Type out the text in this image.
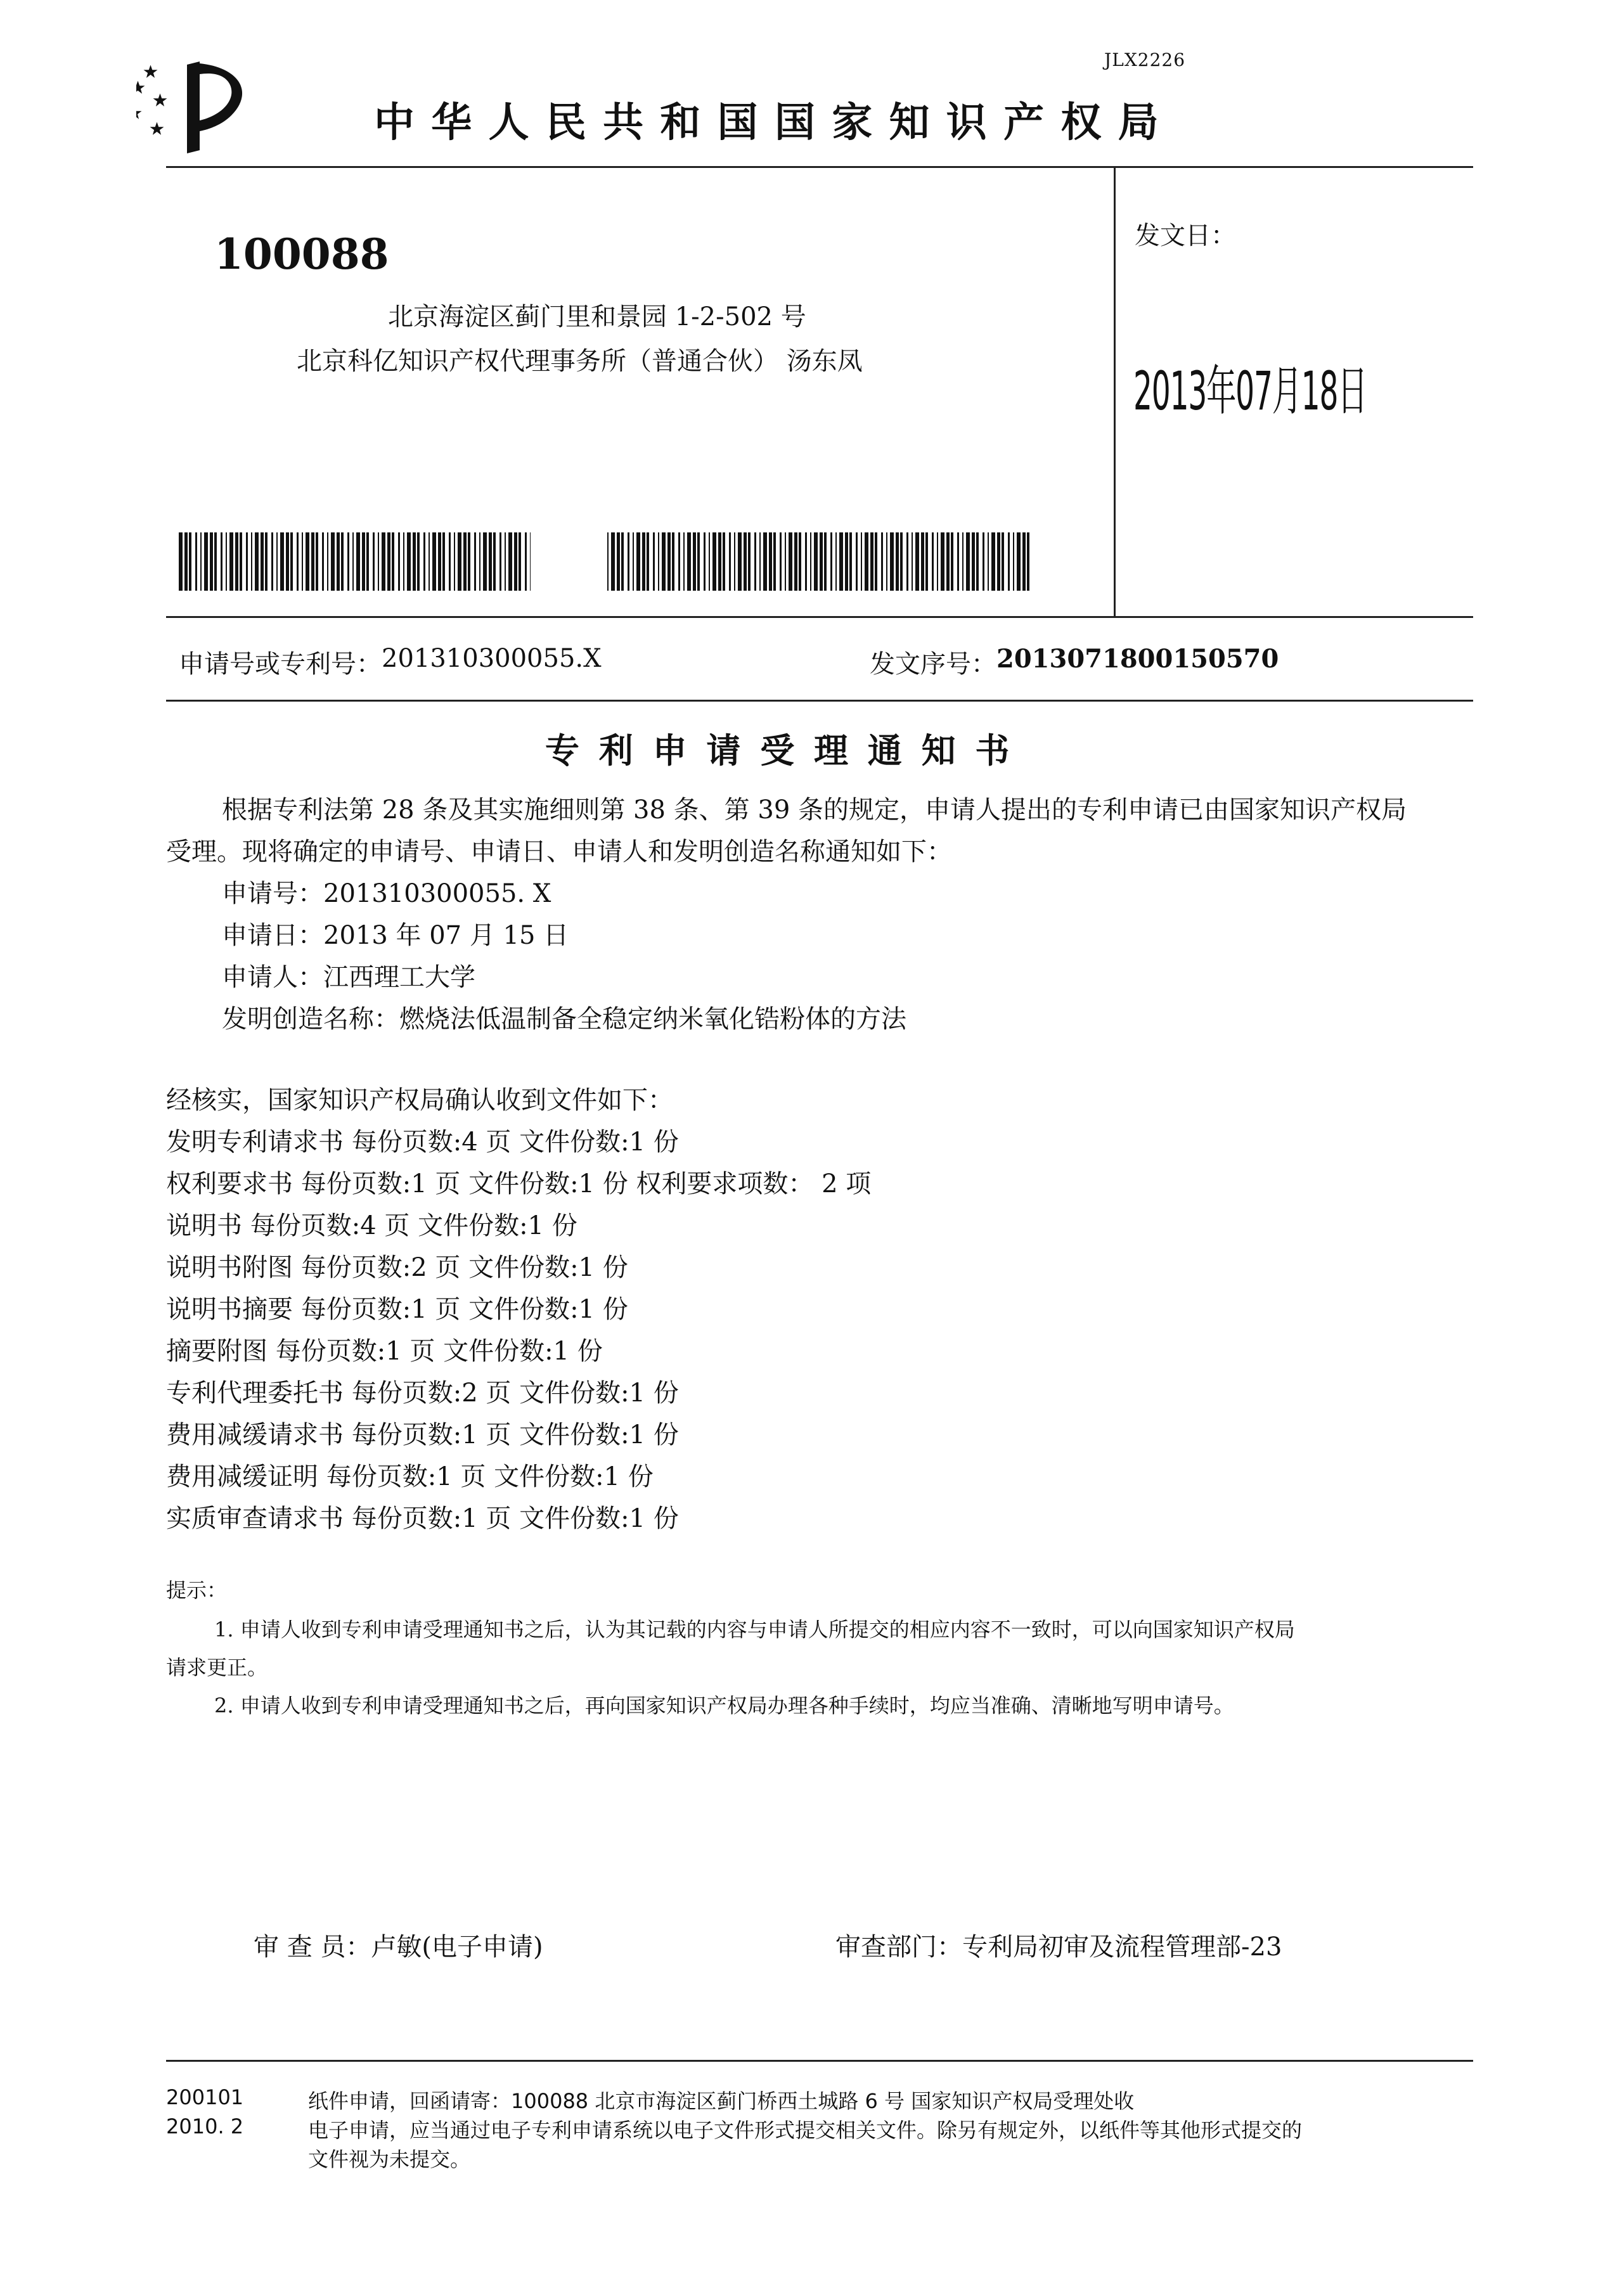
JLX2226
中 华 人 民 共 和 国 国 家 知 识 产 权 局
100088
北京海淀区蓟门里和景园 1-2-502 号
北京科亿知识产权代理事务所（普通合伙） 汤东凤
发文日：
2013年07月18日
申请号或专利号： 201310300055.X	发文序号： 2013071800150570
专 利 申 请 受 理 通 知 书
根据专利法第 28 条及其实施细则第 38 条、第 39 条的规定，申请人提出的专利申请已由国家知识产权局
受理。现将确定的申请号、申请日、申请人和发明创造名称通知如下：
申请号：201310300055. X
申请日：2013 年 07 月 15 日
申请人：江西理工大学
发明创造名称：燃烧法低温制备全稳定纳米氧化锆粉体的方法
经核实，国家知识产权局确认收到文件如下：
发明专利请求书 每份页数:4 页 文件份数:1 份
权利要求书 每份页数:1 页 文件份数:1 份 权利要求项数： 2 项
说明书 每份页数:4 页 文件份数:1 份
说明书附图 每份页数:2 页 文件份数:1 份
说明书摘要 每份页数:1 页 文件份数:1 份
摘要附图 每份页数:1 页 文件份数:1 份
专利代理委托书 每份页数:2 页 文件份数:1 份
费用减缓请求书 每份页数:1 页 文件份数:1 份
费用减缓证明 每份页数:1 页 文件份数:1 份
实质审查请求书 每份页数:1 页 文件份数:1 份
提示：
1. 申请人收到专利申请受理通知书之后，认为其记载的内容与申请人所提交的相应内容不一致时，可以向国家知识产权局
请求更正。
2. 申请人收到专利申请受理通知书之后，再向国家知识产权局办理各种手续时，均应当准确、清晰地写明申请号。
审 查 员：卢敏(电子申请)	审查部门：专利局初审及流程管理部-23
200101
2010. 2
纸件申请，回函请寄：100088 北京市海淀区蓟门桥西土城路 6 号 国家知识产权局受理处收
电子申请，应当通过电子专利申请系统以电子文件形式提交相关文件。除另有规定外，以纸件等其他形式提交的
文件视为未提交。
